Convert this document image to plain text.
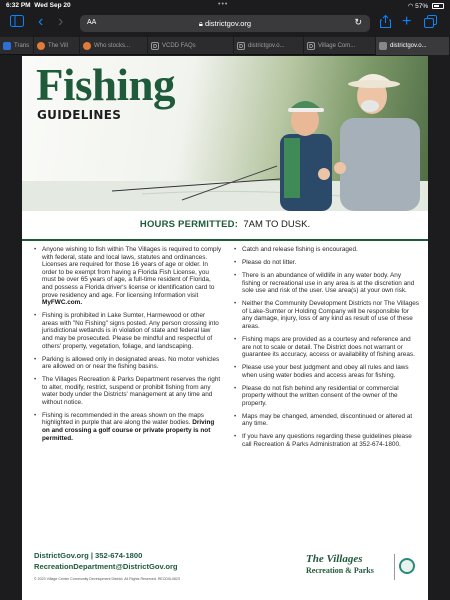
6:32 PM Wed Sep 20	•••	◠ 57%
‹ ›	AA	🔒︎ districtgov.org	↻	+
Trans	The Vill	Who stocks...	D VCDD FAQs	D districtgov.o...	D Village Com...	districtgov.o...
Fishing
GUIDELINES
HOURS PERMITTED: 7AM TO DUSK.
• Anyone wishing to fish within The Villages is required to comply with federal, state and local laws, statutes and ordinances. Licenses are required for those 16 years of age or older. In order to be exempt from having a Florida Fish License, you must be over 65 years of age, a full-time resident of Florida, and possess a Florida driver's license or identification card to prove residency and age. For licensing Information visit MyFWC.com.
• Fishing is prohibited in Lake Sumter, Harmewood or other areas with "No Fishing" signs posted. Any person crossing into jurisdictional wetlands is in violation of state and federal law and may be prosecuted. Please be mindful and respectful of others' property, vegetation, foliage, and landscaping.
• Parking is allowed only in designated areas. No motor vehicles are allowed on or near the fishing basins.
• The Villages Recreation & Parks Department reserves the right to alter, modify, restrict, suspend or prohibit fishing from any water body under the Districts' management at any time and without notice.
• Fishing is recommended in the areas shown on the maps highlighted in purple that are along the water bodies. Driving on and crossing a golf course or private property is not permitted.
• Catch and release fishing is encouraged.
• Please do not litter.
• There is an abundance of wildlife in any water body. Any fishing or recreational use in any area is at the discretion and sole use and risk of the user. Use area(s) at your own risk.
• Neither the Community Development Districts nor The Villages of Lake-Sumter or Holding Company will be responsible for any damage, injury, loss of any kind as result of use of these areas.
• Fishing maps are provided as a courtesy and reference and are not to scale or detail. The District does not warrant or guarantee its accuracy, access or availability of fishing areas.
• Please use your best judgment and obey all rules and laws when using water bodies and access areas for fishing.
• Please do not fish behind any residential or commercial property without the written consent of the owner of the property.
• Maps may be changed, amended, discontinued or altered at any time.
• If you have any questions regarding these guidelines please call Recreation & Parks Administration at 352-674-1800.
DistrictGov.org | 352-674-1800
RecreationDepartment@DistrictGov.org
© 2023 Village Center Community Development District. All Rights Reserved. RECD0L0623
The Villages
Recreation & Parks
